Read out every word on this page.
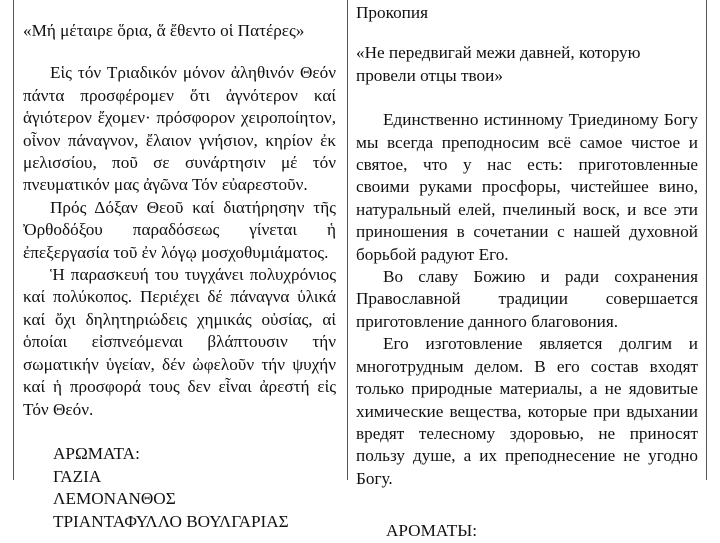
«Μή μέταιρε ὅρια, ἅ ἔθεντο οἱ Πατέρες»
Εἱς τόν Τριαδικόν μόνον ἀληθινόν Θεόν
πάντα προσφέρομεν ὅτι ἀγνότερον καί
ἁγιότερον ἔχομεν· πρόσφορον χειροποίητον,
οἶνον πάναγνον, ἔλαιον γνήσιον, κηρίον ἐκ
μελισσίου, ποῦ σε συνάρτησιν μέ τόν
πνευματικόν μας ἀγῶνα Τόν εὐαρεστοῦν.
Πρός Δόξαν Θεοῦ καί διατήρησην τῆς
Ὀρθοδόξου παραδόσεως γίνεται ἡ
ἐπεξεργασία τοῦ ἐν λόγῳ μοσχοθυμιάματος.
Ἡ παρασκευή του τυγχάνει πολυχρόνιος
καί πολύκοπος. Περιέχει δέ πάναγνα ὑλικά
καί ὄχι δηλητηριώδεις χημικάς οὐσίας, αἱ
ὁποίαι εἰσπνεόμεναι βλάπτουσιν τήν
σωματικήν ὑγείαν, δέν ὠφελοῦν τήν ψυχήν
καί ἡ προσφορά τους δεν εἶναι ἀρεστή εἰς
Τόν Θεόν.
ΑΡΩΜΑΤΑ:
ΓΑΖΙΑ
ΛΕΜΟΝΑΝΘΟΣ
ΤΡΙΑΝΤΑΦΥΛΛΟ ΒΟΥΛΓΑΡΙΑΣ
Прокопия
«Не передвигай межи давней, которую
провели отцы твои»
Единственно истинному Триединому Богу
мы всегда преподносим всё самое чистое и
святое, что у нас есть: приготовленные
своими руками просфоры, чистейшее вино,
натуральный елей, пчелиный воск, и все эти
приношения в сочетании с нашей духовной
борьбой радуют Его.
Во славу Божию и ради сохранения
Православной традиции совершается
приготовление данного благовония.
Его изготовление является долгим и
многотрудным делом. В его состав входят
только природные материалы, а не ядовитые
химические вещества, которые при вдыхании
вредят телесному здоровью, не приносят
пользу душе, а их преподнесение не угодно
Богу.
АРОМАТЫ:
